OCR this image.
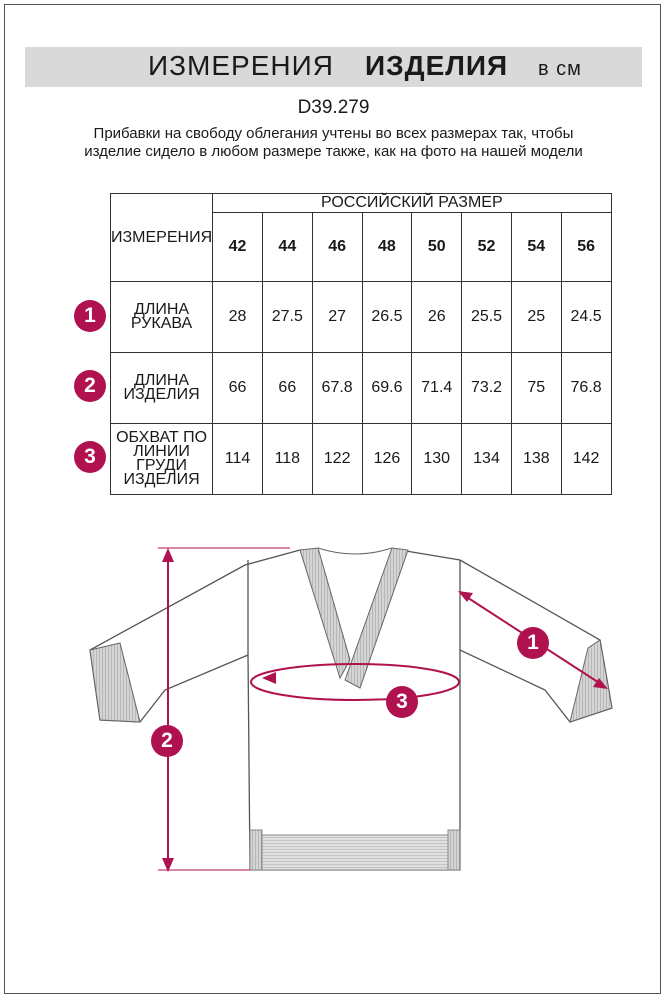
ИЗМЕРЕНИЯ ИЗДЕЛИЯ в см
D39.279
Прибавки на свободу облегания учтены во всех размерах так, чтобы изделие сидело в любом размере также, как на фото на нашей модели
ИЗМЕРЕНИЯ	РОССИЙСКИЙ РАЗМЕР							
	42	44	46	48	50	52	54	56
ДЛИНА РУКАВА	28	27.5	27	26.5	26	25.5	25	24.5
ДЛИНА ИЗДЕЛИЯ	66	66	67.8	69.6	71.4	73.2	75	76.8
ОБХВАТ ПО ЛИНИИ ГРУДИ ИЗДЕЛИЯ	114	118	122	126	130	134	138	142
1
2
3
1
2
3
